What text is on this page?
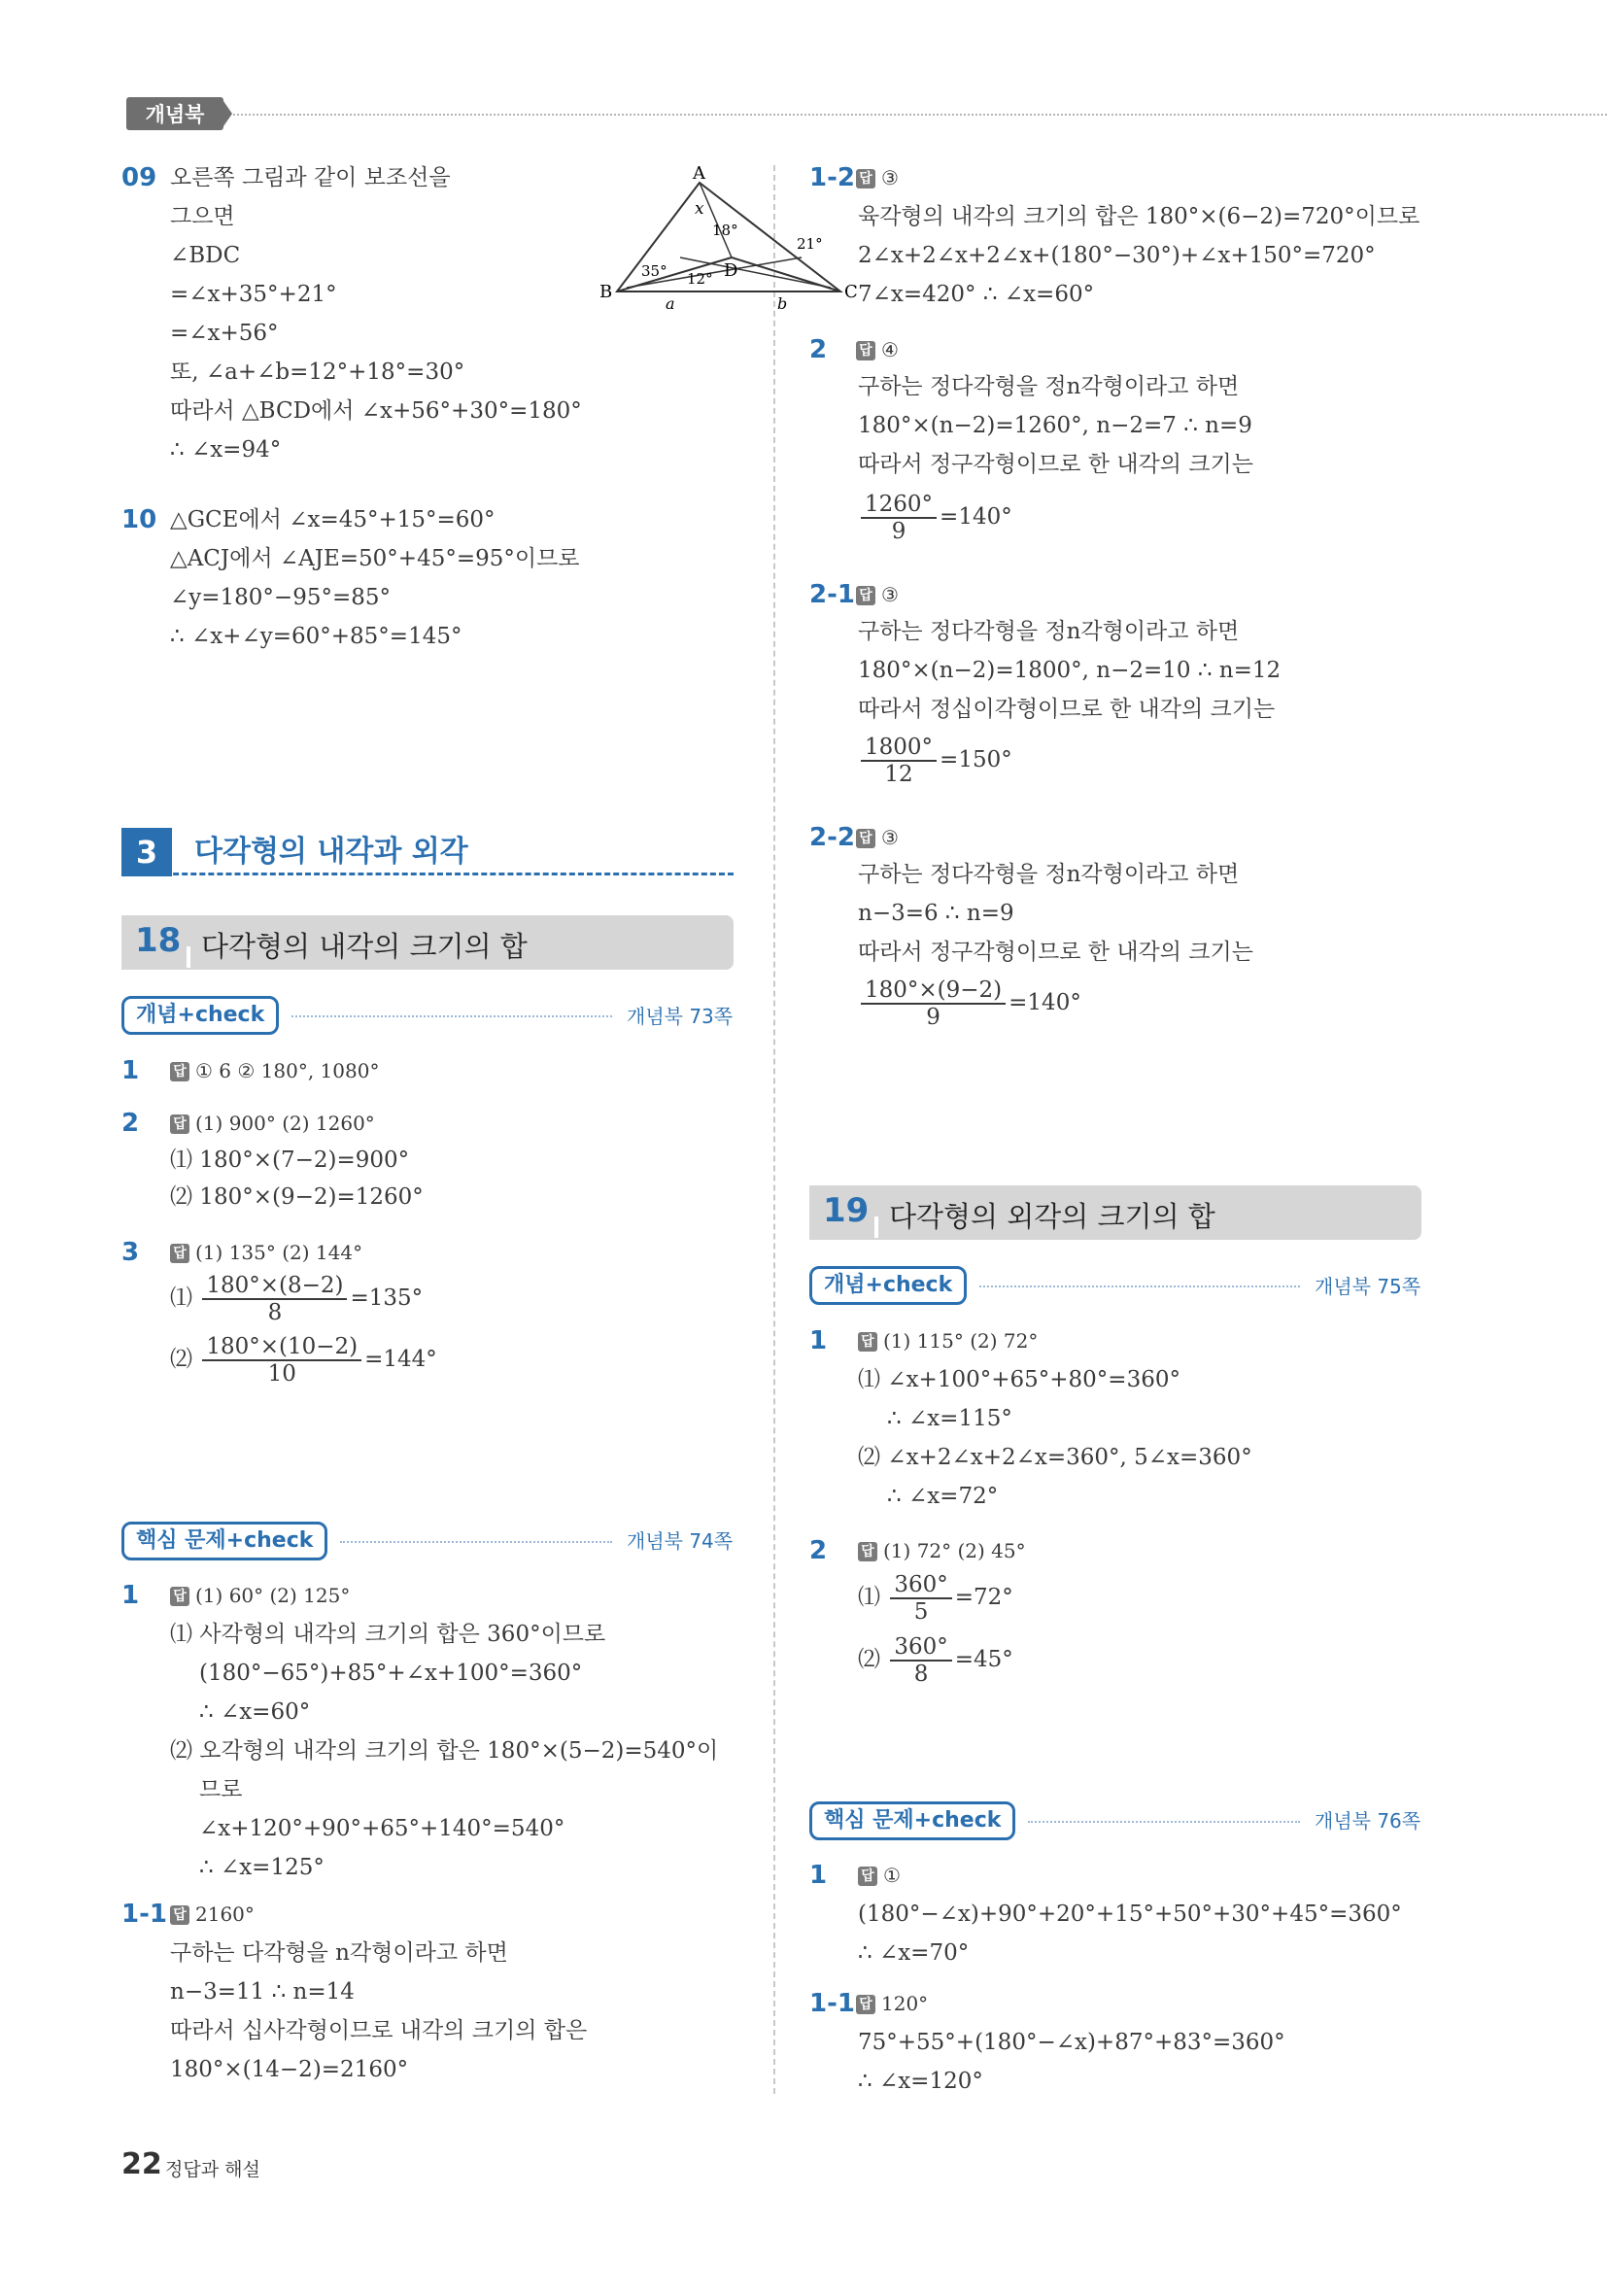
개념북
09 오른쪽 그림과 같이 보조선을
그으면
∠BDC
=∠x+35°+21°
=∠x+56°
또, ∠a+∠b=12°+18°=30°
따라서 △BCD에서 ∠x+56°+30°=180°
∴ ∠x=94°
A
B	C
D
x
18°
21°
35° 12°
a	b
10 △GCE에서 ∠x=45°+15°=60°
△ACJ에서 ∠AJE=50°+45°=95°이므로
∠y=180°−95°=85°
∴ ∠x+∠y=60°+85°=145°
3	다각형의 내각과 외각
18 다각형의 내각의 크기의 합
개념+check	개념북 73쪽
1	답 ① 6 ② 180°, 1080°
2	답 (1) 900° (2) 1260°
⑴ 180°×(7−2)=900°
⑵ 180°×(9−2)=1260°
3	답 (1) 135° (2) 144°
⑴ $\frac{180^\circ\times(8-2)}{8} =135^\circ$
⑵ $\frac{180^\circ\times(10-2)}{10} =144^\circ$
핵심 문제+check	개념북 74쪽
1	답 (1) 60° (2) 125°
⑴ 사각형의 내각의 크기의 합은 360°이므로
(180°−65°)+85°+∠x+100°=360°
∴ ∠x=60°
⑵ 오각형의 내각의 크기의 합은 180°×(5−2)=540°이
므로
∠x+120°+90°+65°+140°=540°
∴ ∠x=125°
1-1 답 2160°
구하는 다각형을 n각형이라고 하면
n−3=11 ∴ n=14
따라서 십사각형이므로 내각의 크기의 합은
180°×(14−2)=2160°
1-2 답 ③
육각형의 내각의 크기의 합은 180°×(6−2)=720°이므로
2∠x+2∠x+2∠x+(180°−30°)+∠x+150°=720°
7∠x=420° ∴ ∠x=60°
2 답 ④
구하는 정다각형을 정n각형이라고 하면
180°×(n−2)=1260°, n−2=7 ∴ n=9
따라서 정구각형이므로 한 내각의 크기는
$\frac{1260^\circ}{9} =140^\circ$
2-1 답 ③
구하는 정다각형을 정n각형이라고 하면
180°×(n−2)=1800°, n−2=10 ∴ n=12
따라서 정십이각형이므로 한 내각의 크기는
$\frac{1800^\circ}{12} =150^\circ$
2-2 답 ③
구하는 정다각형을 정n각형이라고 하면
n−3=6 ∴ n=9
따라서 정구각형이므로 한 내각의 크기는
$\frac{180^\circ\times(9-2)}{9} =140^\circ$
19 다각형의 외각의 크기의 합
개념+check	개념북 75쪽
1	답 (1) 115° (2) 72°
⑴ ∠x+100°+65°+80°=360°
∴ ∠x=115°
⑵ ∠x+2∠x+2∠x=360°, 5∠x=360°
∴ ∠x=72°
2	답 (1) 72° (2) 45°
⑴ $\frac{360^\circ}{5} =72^\circ$
⑵ $\frac{360^\circ}{8} =45^\circ$
핵심 문제+check	개념북 76쪽
1	답 ①
(180°−∠x)+90°+20°+15°+50°+30°+45°=360°
∴ ∠x=70°
1-1 답 120°
75°+55°+(180°−∠x)+87°+83°=360°
∴ ∠x=120°
22 정답과 해설
